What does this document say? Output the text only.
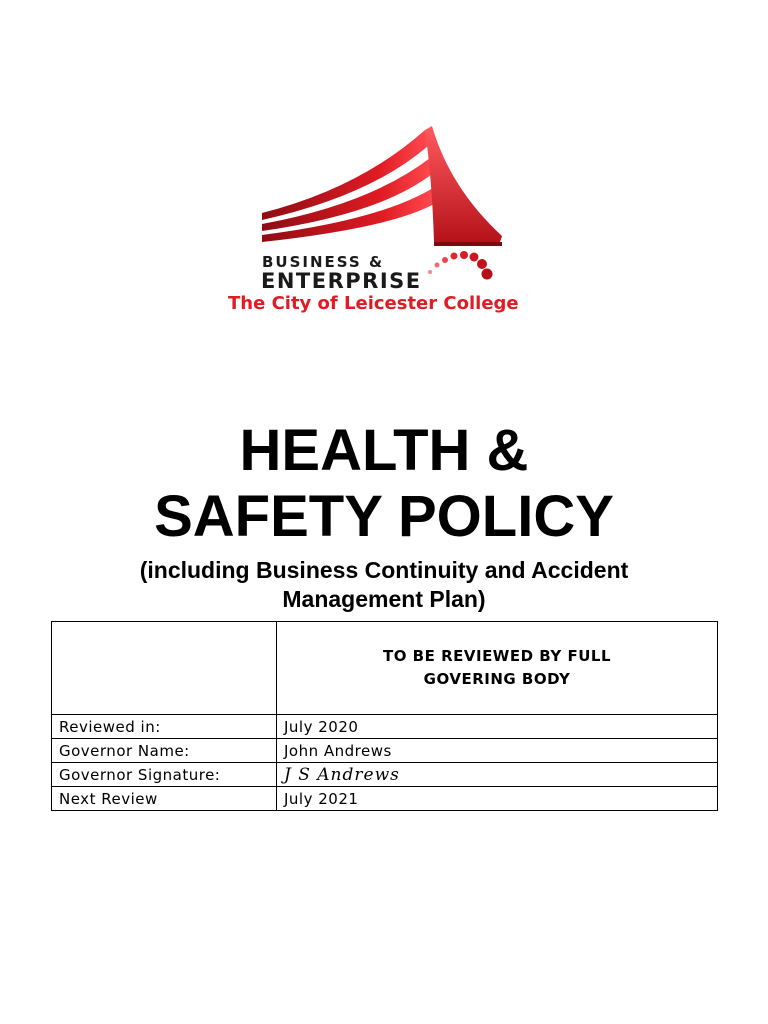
BUSINESS &
ENTERPRISE
The City of Leicester College

HEALTH &

SAFETY POLICY

(including Business Continuity and Accident
Management Plan)

	TO BE REVIEWED BY FULL
GOVERING BODY
Reviewed in:	July 2020
Governor Name:	John Andrews
Governor Signature:	J S Andrews
Next Review	July 2021
